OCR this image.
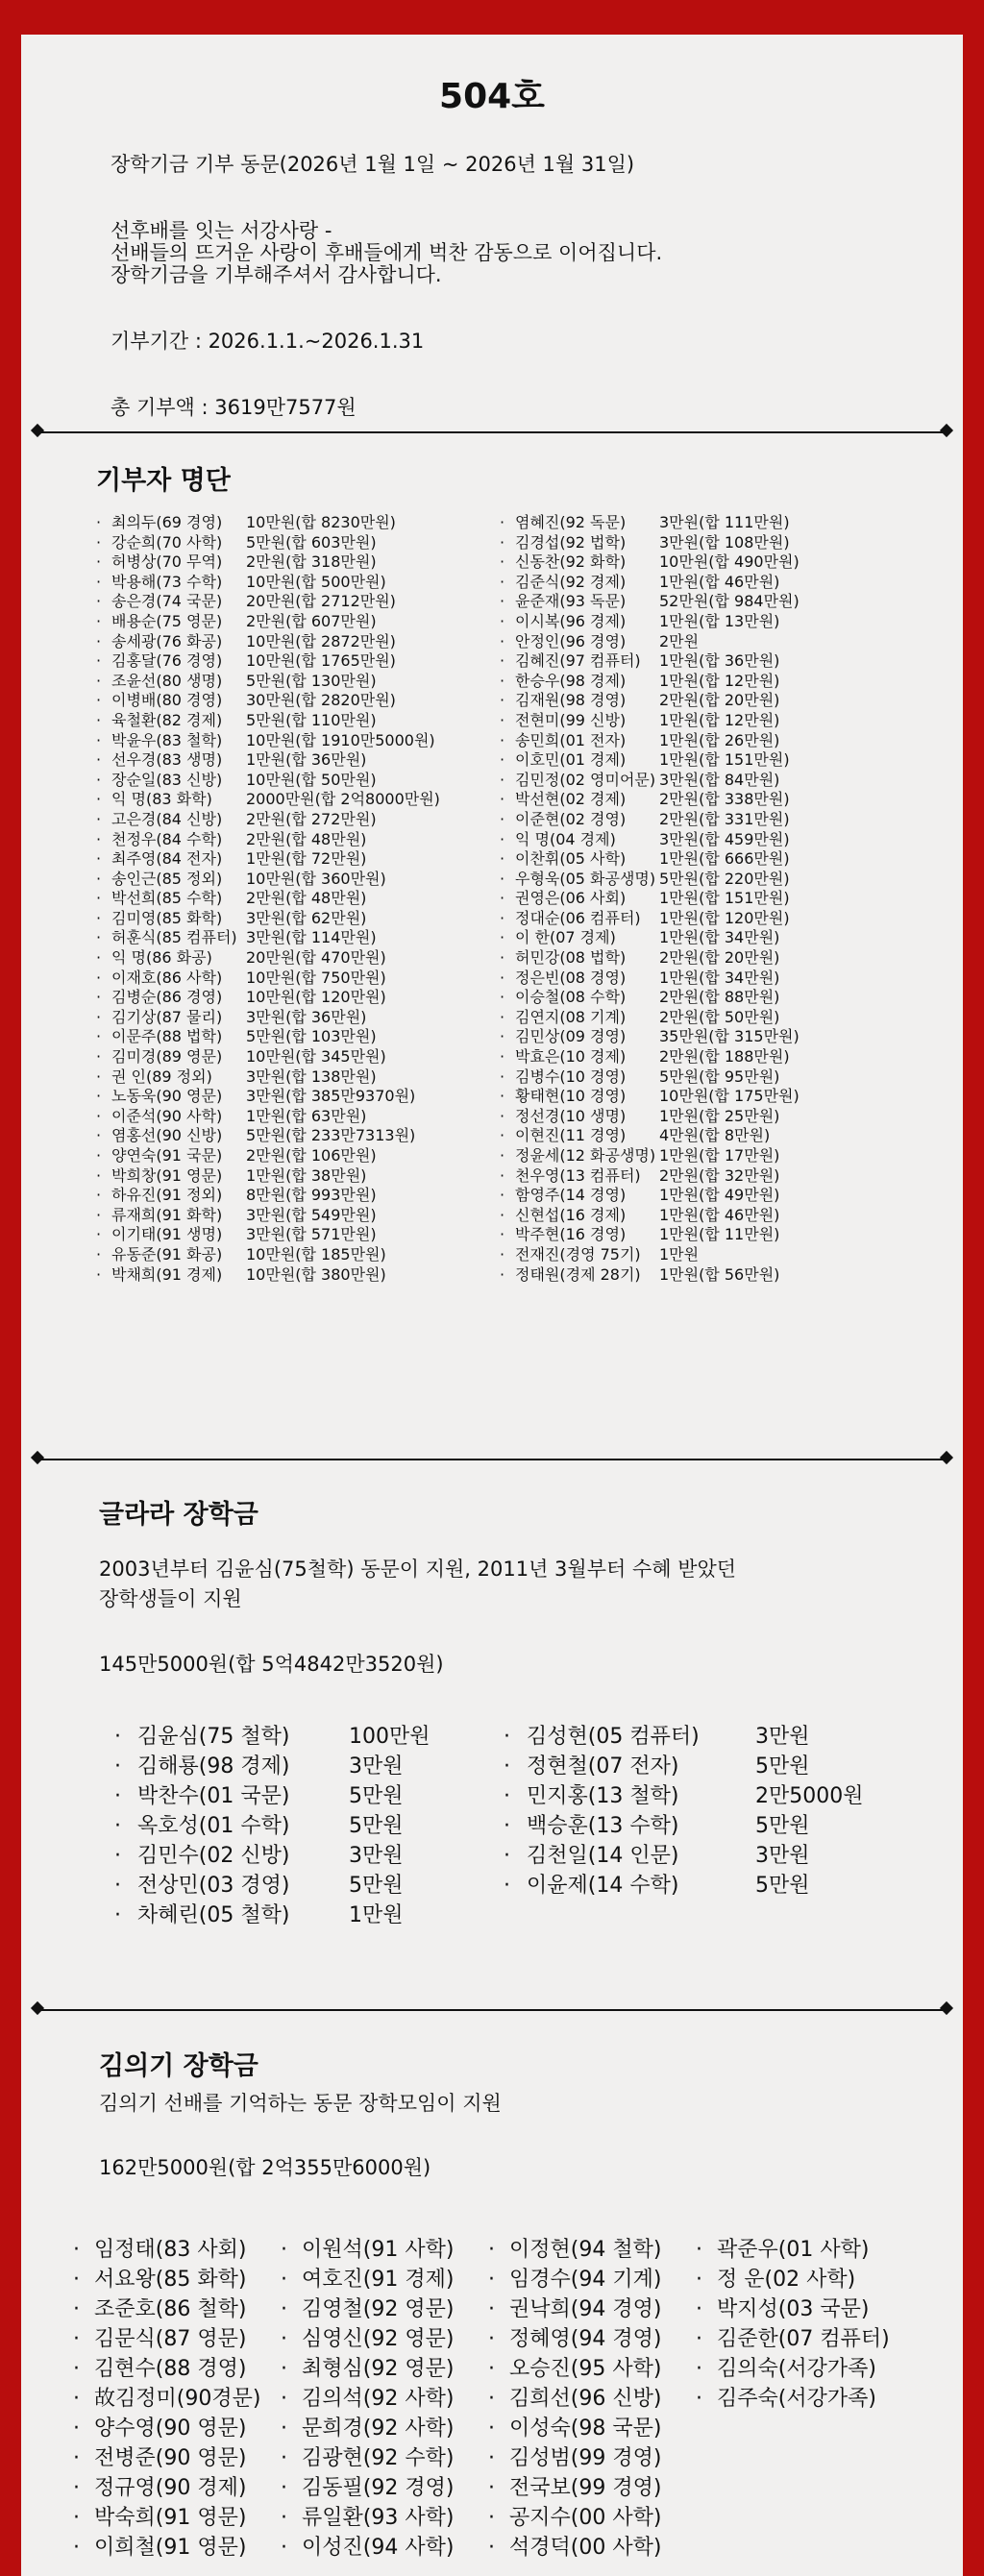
504호

장학기금 기부 동문(2026년 1월 1일 ~ 2026년 1월 31일)

선후배를 잇는 서강사랑 -

선배들의 뜨거운 사랑이 후배들에게 벅찬 감동으로 이어집니다.

장학기금을 기부해주셔서 감사합니다.

기부기간 : 2026.1.1.~2026.1.31

총 기부액 : 3619만7577원

기부자 명단
· 최의두(69 경영) 10만원(합 8230만원)
· 강순희(70 사학) 5만원(합 603만원)
· 허병상(70 무역) 2만원(합 318만원)
· 박용해(73 수학) 10만원(합 500만원)
· 송은경(74 국문) 20만원(합 2712만원)
· 배용순(75 영문) 2만원(합 607만원)
· 송세광(76 화공) 10만원(합 2872만원)
· 김홍달(76 경영) 10만원(합 1765만원)
· 조윤선(80 생명) 5만원(합 130만원)
· 이병배(80 경영) 30만원(합 2820만원)
· 육철환(82 경제) 5만원(합 110만원)
· 박윤우(83 철학) 10만원(합 1910만5000원)
· 선우경(83 생명) 1만원(합 36만원)
· 장순일(83 신방) 10만원(합 50만원)
· 익 명(83 화학) 2000만원(합 2억8000만원)
· 고은경(84 신방) 2만원(합 272만원)
· 천정우(84 수학) 2만원(합 48만원)
· 최주영(84 전자) 1만원(합 72만원)
· 송인근(85 정외) 10만원(합 360만원)
· 박선희(85 수학) 2만원(합 48만원)
· 김미영(85 화학) 3만원(합 62만원)
· 허훈식(85 컴퓨터) 3만원(합 114만원)
· 익 명(86 화공) 20만원(합 470만원)
· 이재호(86 사학) 10만원(합 750만원)
· 김병순(86 경영) 10만원(합 120만원)
· 김기상(87 물리) 3만원(합 36만원)
· 이문주(88 법학) 5만원(합 103만원)
· 김미경(89 영문) 10만원(합 345만원)
· 권 인(89 정외) 3만원(합 138만원)
· 노동욱(90 영문) 3만원(합 385만9370원)
· 이준석(90 사학) 1만원(합 63만원)
· 염홍선(90 신방) 5만원(합 233만7313원)
· 양연숙(91 국문) 2만원(합 106만원)
· 박희창(91 영문) 1만원(합 38만원)
· 하유진(91 정외) 8만원(합 993만원)
· 류재희(91 화학) 3만원(합 549만원)
· 이기태(91 생명) 3만원(합 571만원)
· 유동준(91 화공) 10만원(합 185만원)
· 박채희(91 경제) 10만원(합 380만원)
· 염혜진(92 독문) 3만원(합 111만원)
· 김경섭(92 법학) 3만원(합 108만원)
· 신동찬(92 화학) 10만원(합 490만원)
· 김준식(92 경제) 1만원(합 46만원)
· 윤준재(93 독문) 52만원(합 984만원)
· 이시복(96 경제) 1만원(합 13만원)
· 안정인(96 경영) 2만원
· 김혜진(97 컴퓨터) 1만원(합 36만원)
· 한승우(98 경제) 1만원(합 12만원)
· 김재원(98 경영) 2만원(합 20만원)
· 전현미(99 신방) 1만원(합 12만원)
· 송민희(01 전자) 1만원(합 26만원)
· 이호민(01 경제) 1만원(합 151만원)
· 김민정(02 영미어문) 3만원(합 84만원)
· 박선현(02 경제) 2만원(합 338만원)
· 이준현(02 경영) 2만원(합 331만원)
· 익 명(04 경제)	3만원(합 459만원)
· 이찬휘(05 사학) 1만원(합 666만원)
· 우형욱(05 화공생명) 5만원(합 220만원)
· 권영은(06 사회) 1만원(합 151만원)
· 정대순(06 컴퓨터) 1만원(합 120만원)
· 이 한(07 경제)	1만원(합 34만원)
· 허민강(08 법학) 2만원(합 20만원)
· 정은빈(08 경영) 1만원(합 34만원)
· 이승철(08 수학) 2만원(합 88만원)
· 김연지(08 기계) 2만원(합 50만원)
· 김민상(09 경영) 35만원(합 315만원)
· 박효은(10 경제) 2만원(합 188만원)
· 김병수(10 경영) 5만원(합 95만원)
· 황태현(10 경영) 10만원(합 175만원)
· 정선경(10 생명) 1만원(합 25만원)
· 이현진(11 경영) 4만원(합 8만원)
· 정윤세(12 화공생명) 1만원(합 17만원)
· 천우영(13 컴퓨터) 2만원(합 32만원)
· 함영주(14 경영) 1만원(합 49만원)
· 신현섭(16 경제) 1만원(합 46만원)
· 박주현(16 경영) 1만원(합 11만원)
· 전재진(경영 75기) 1만원
· 정태원(경제 28기) 1만원(합 56만원)
글라라 장학금
2003년부터 김윤심(75철학) 동문이 지원, 2011년 3월부터 수혜 받았던
장학생들이 지원
145만5000원(합 5억4842만3520원)
· 김윤심(75 철학)	100만원
· 김해룡(98 경제)	3만원
· 박찬수(01 국문)	5만원
· 옥호성(01 수학)	5만원
· 김민수(02 신방)	3만원
· 전상민(03 경영)	5만원
· 차혜린(05 철학)	1만원
· 김성현(05 컴퓨터)	3만원
· 정현철(07 전자)	5만원
· 민지홍(13 철학)	2만5000원
· 백승훈(13 수학)	5만원
· 김천일(14 인문)	3만원
· 이윤제(14 수학)	5만원
김의기 장학금
김의기 선배를 기억하는 동문 장학모임이 지원
162만5000원(합 2억355만6000원)
· 임정태(83 사회)
· 서요왕(85 화학)
· 조준호(86 철학)
· 김문식(87 영문)
· 김현수(88 경영)
· 故김정미(90경문)
· 양수영(90 영문)
· 전병준(90 영문)
· 정규영(90 경제)
· 박숙희(91 영문)
· 이희철(91 영문)
· 이원석(91 사학)
· 여호진(91 경제)
· 김영철(92 영문)
· 심영신(92 영문)
· 최형심(92 영문)
· 김의석(92 사학)
· 문희경(92 사학)
· 김광현(92 수학)
· 김동필(92 경영)
· 류일환(93 사학)
· 이성진(94 사학)
· 이정현(94 철학)
· 임경수(94 기계)
· 권낙희(94 경영)
· 정혜영(94 경영)
· 오승진(95 사학)
· 김희선(96 신방)
· 이성숙(98 국문)
· 김성범(99 경영)
· 전국보(99 경영)
· 공지수(00 사학)
· 석경덕(00 사학)
· 곽준우(01 사학)
· 정 운(02 사학)
· 박지성(03 국문)
· 김준한(07 컴퓨터)
· 김의숙(서강가족)
· 김주숙(서강가족)
